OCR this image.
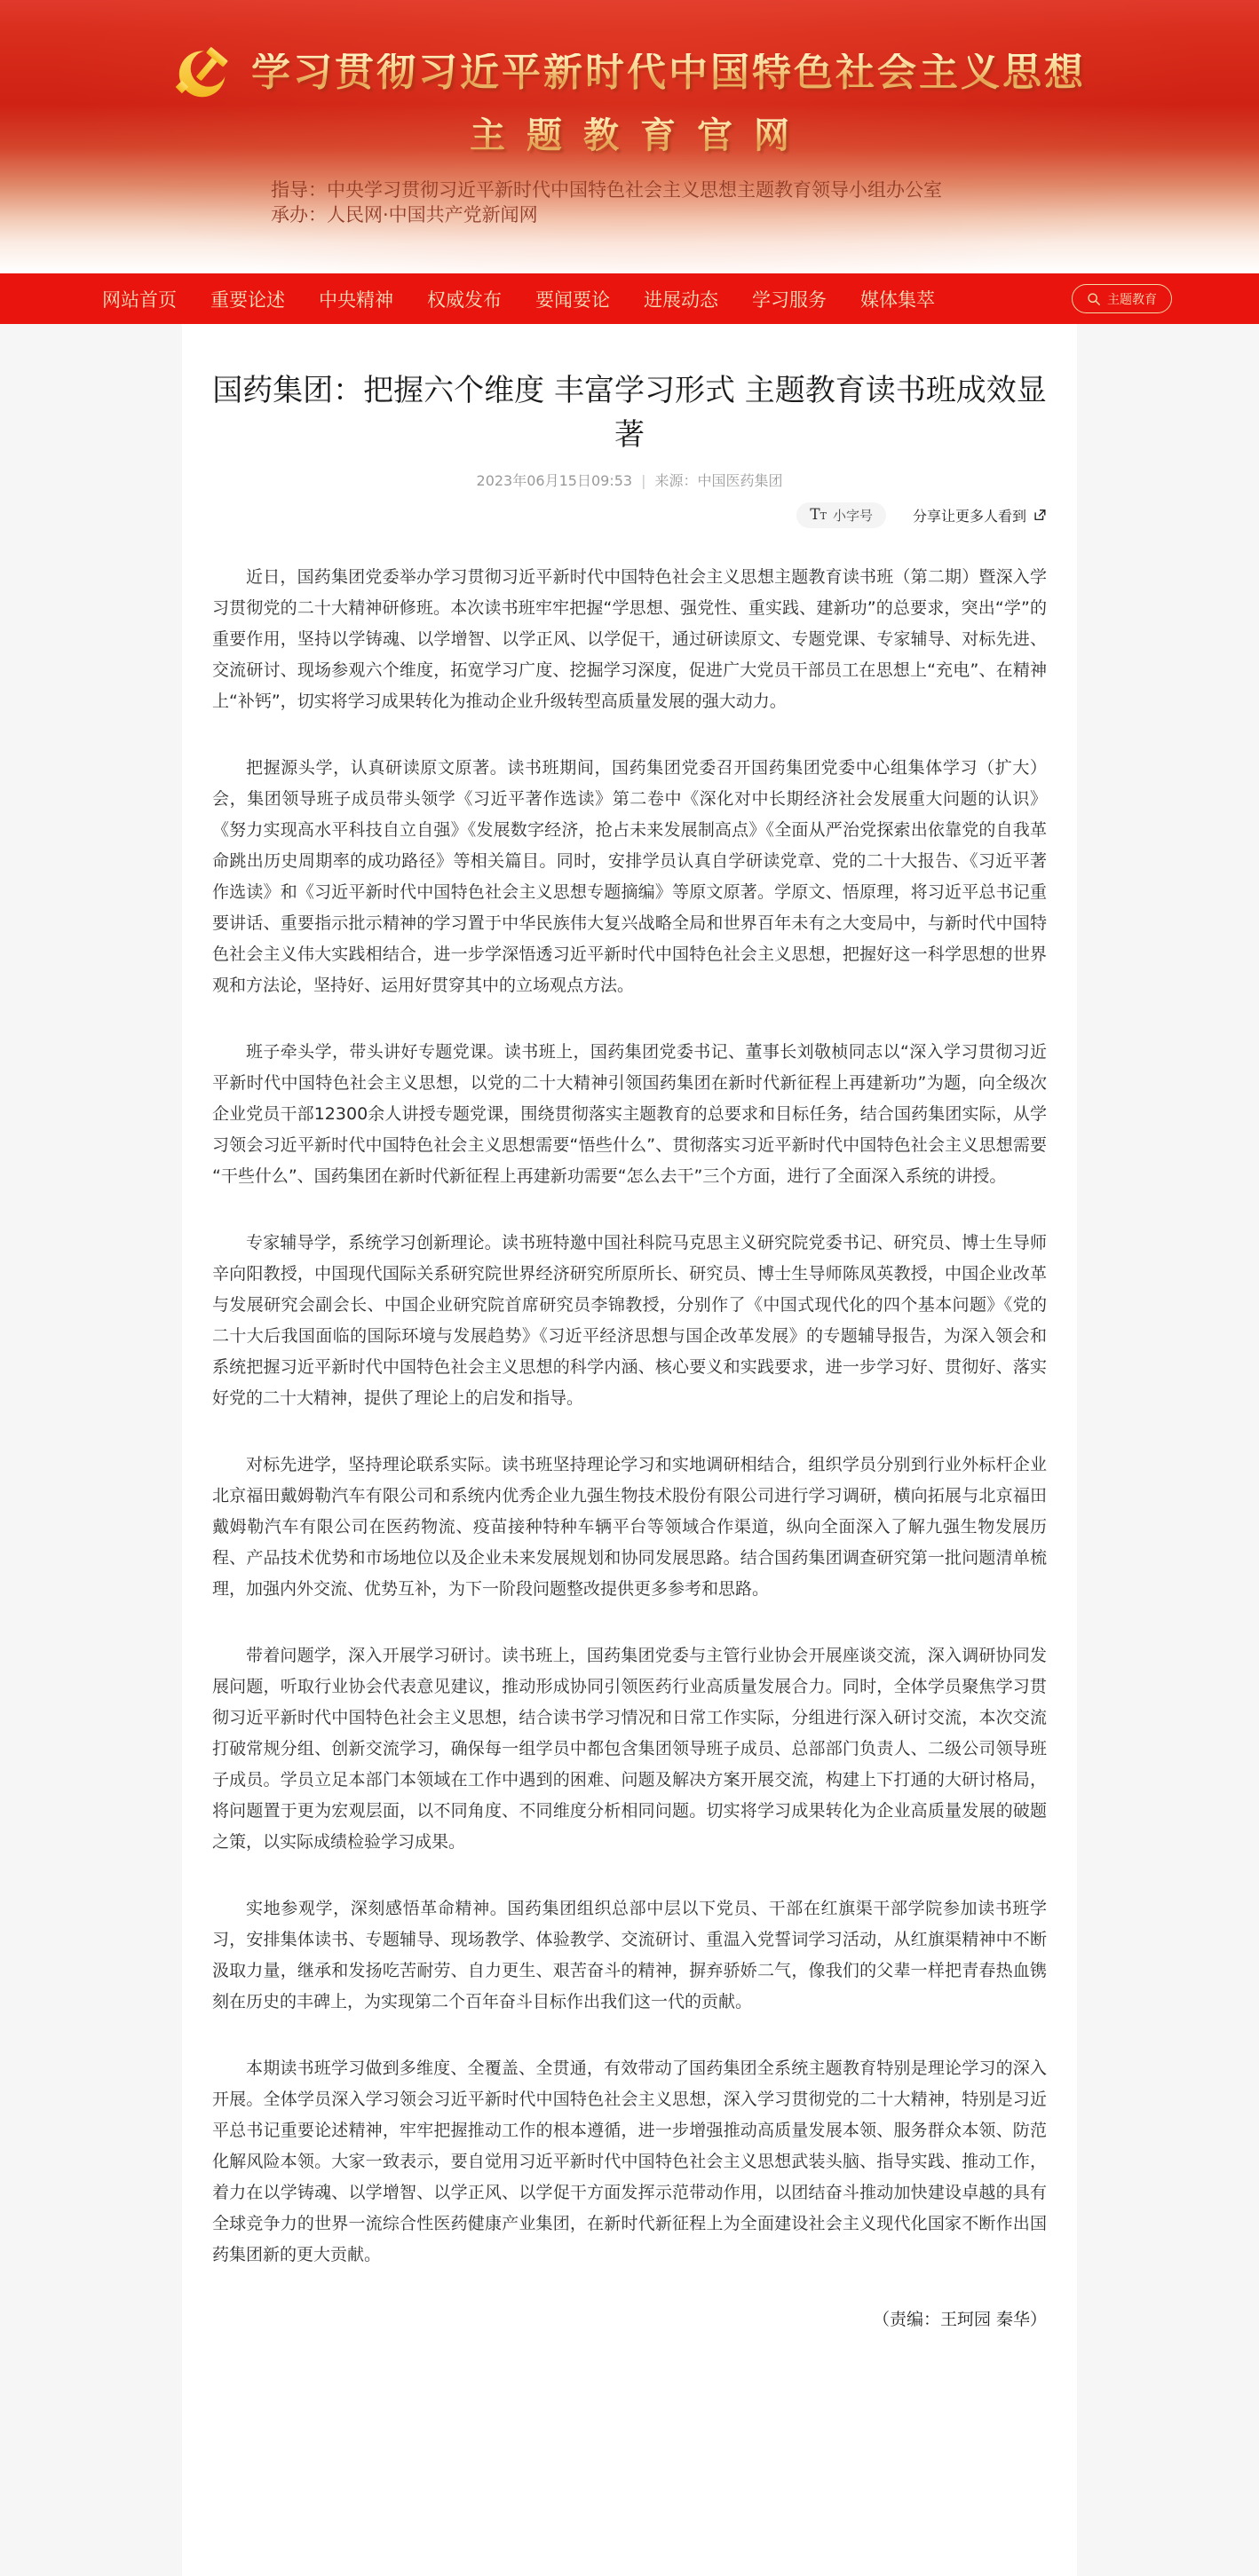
学习贯彻习近平新时代中国特色社会主义思想
主题教育官网
指导：中央学习贯彻习近平新时代中国特色社会主义思想主题教育领导小组办公室
承办：人民网·中国共产党新闻网
网站首页 重要论述 中央精神 权威发布 要闻要论 进展动态 学习服务 媒体集萃	主题教育
国药集团：把握六个维度 丰富学习形式 主题教育读书班成效显著
2023年06月15日09:53 | 来源：中国医药集团
TT 小字号	分享让更多人看到

近日，国药集团党委举办学习贯彻习近平新时代中国特色社会主义思想主题教育读书班（第二期）暨深入学习贯彻党的二十大精神研修班。本次读书班牢牢把握“学思想、强党性、重实践、建新功”的总要求，突出“学”的重要作用，坚持以学铸魂、以学增智、以学正风、以学促干，通过研读原文、专题党课、专家辅导、对标先进、交流研讨、现场参观六个维度，拓宽学习广度、挖掘学习深度，促进广大党员干部员工在思想上“充电”、在精神上“补钙”，切实将学习成果转化为推动企业升级转型高质量发展的强大动力。

把握源头学，认真研读原文原著。读书班期间，国药集团党委召开国药集团党委中心组集体学习（扩大）会，集团领导班子成员带头领学《习近平著作选读》第二卷中《深化对中长期经济社会发展重大问题的认识》《努力实现高水平科技自立自强》《发展数字经济，抢占未来发展制高点》《全面从严治党探索出依靠党的自我革命跳出历史周期率的成功路径》等相关篇目。同时，安排学员认真自学研读党章、党的二十大报告、《习近平著作选读》和《习近平新时代中国特色社会主义思想专题摘编》等原文原著。学原文、悟原理，将习近平总书记重要讲话、重要指示批示精神的学习置于中华民族伟大复兴战略全局和世界百年未有之大变局中，与新时代中国特色社会主义伟大实践相结合，进一步学深悟透习近平新时代中国特色社会主义思想，把握好这一科学思想的世界观和方法论，坚持好、运用好贯穿其中的立场观点方法。

班子牵头学，带头讲好专题党课。读书班上，国药集团党委书记、董事长刘敬桢同志以“深入学习贯彻习近平新时代中国特色社会主义思想，以党的二十大精神引领国药集团在新时代新征程上再建新功”为题，向全级次企业党员干部12300余人讲授专题党课，围绕贯彻落实主题教育的总要求和目标任务，结合国药集团实际，从学习领会习近平新时代中国特色社会主义思想需要“悟些什么”、贯彻落实习近平新时代中国特色社会主义思想需要“干些什么”、国药集团在新时代新征程上再建新功需要“怎么去干”三个方面，进行了全面深入系统的讲授。

专家辅导学，系统学习创新理论。读书班特邀中国社科院马克思主义研究院党委书记、研究员、博士生导师辛向阳教授，中国现代国际关系研究院世界经济研究所原所长、研究员、博士生导师陈凤英教授，中国企业改革与发展研究会副会长、中国企业研究院首席研究员李锦教授，分别作了《中国式现代化的四个基本问题》《党的二十大后我国面临的国际环境与发展趋势》《习近平经济思想与国企改革发展》的专题辅导报告，为深入领会和系统把握习近平新时代中国特色社会主义思想的科学内涵、核心要义和实践要求，进一步学习好、贯彻好、落实好党的二十大精神，提供了理论上的启发和指导。

对标先进学，坚持理论联系实际。读书班坚持理论学习和实地调研相结合，组织学员分别到行业外标杆企业北京福田戴姆勒汽车有限公司和系统内优秀企业九强生物技术股份有限公司进行学习调研，横向拓展与北京福田戴姆勒汽车有限公司在医药物流、疫苗接种特种车辆平台等领域合作渠道，纵向全面深入了解九强生物发展历程、产品技术优势和市场地位以及企业未来发展规划和协同发展思路。结合国药集团调查研究第一批问题清单梳理，加强内外交流、优势互补，为下一阶段问题整改提供更多参考和思路。

带着问题学，深入开展学习研讨。读书班上，国药集团党委与主管行业协会开展座谈交流，深入调研协同发展问题，听取行业协会代表意见建议，推动形成协同引领医药行业高质量发展合力。同时，全体学员聚焦学习贯彻习近平新时代中国特色社会主义思想，结合读书学习情况和日常工作实际，分组进行深入研讨交流，本次交流打破常规分组、创新交流学习，确保每一组学员中都包含集团领导班子成员、总部部门负责人、二级公司领导班子成员。学员立足本部门本领域在工作中遇到的困难、问题及解决方案开展交流，构建上下打通的大研讨格局，将问题置于更为宏观层面，以不同角度、不同维度分析相同问题。切实将学习成果转化为企业高质量发展的破题之策，以实际成绩检验学习成果。

实地参观学，深刻感悟革命精神。国药集团组织总部中层以下党员、干部在红旗渠干部学院参加读书班学习，安排集体读书、专题辅导、现场教学、体验教学、交流研讨、重温入党誓词学习活动，从红旗渠精神中不断汲取力量，继承和发扬吃苦耐劳、自力更生、艰苦奋斗的精神，摒弃骄娇二气，像我们的父辈一样把青春热血镌刻在历史的丰碑上，为实现第二个百年奋斗目标作出我们这一代的贡献。

本期读书班学习做到多维度、全覆盖、全贯通，有效带动了国药集团全系统主题教育特别是理论学习的深入开展。全体学员深入学习领会习近平新时代中国特色社会主义思想，深入学习贯彻党的二十大精神，特别是习近平总书记重要论述精神，牢牢把握推动工作的根本遵循，进一步增强推动高质量发展本领、服务群众本领、防范化解风险本领。大家一致表示，要自觉用习近平新时代中国特色社会主义思想武装头脑、指导实践、推动工作，着力在以学铸魂、以学增智、以学正风、以学促干方面发挥示范带动作用，以团结奋斗推动加快建设卓越的具有全球竞争力的世界一流综合性医药健康产业集团，在新时代新征程上为全面建设社会主义现代化国家不断作出国药集团新的更大贡献。

（责编：王珂园 秦华）
